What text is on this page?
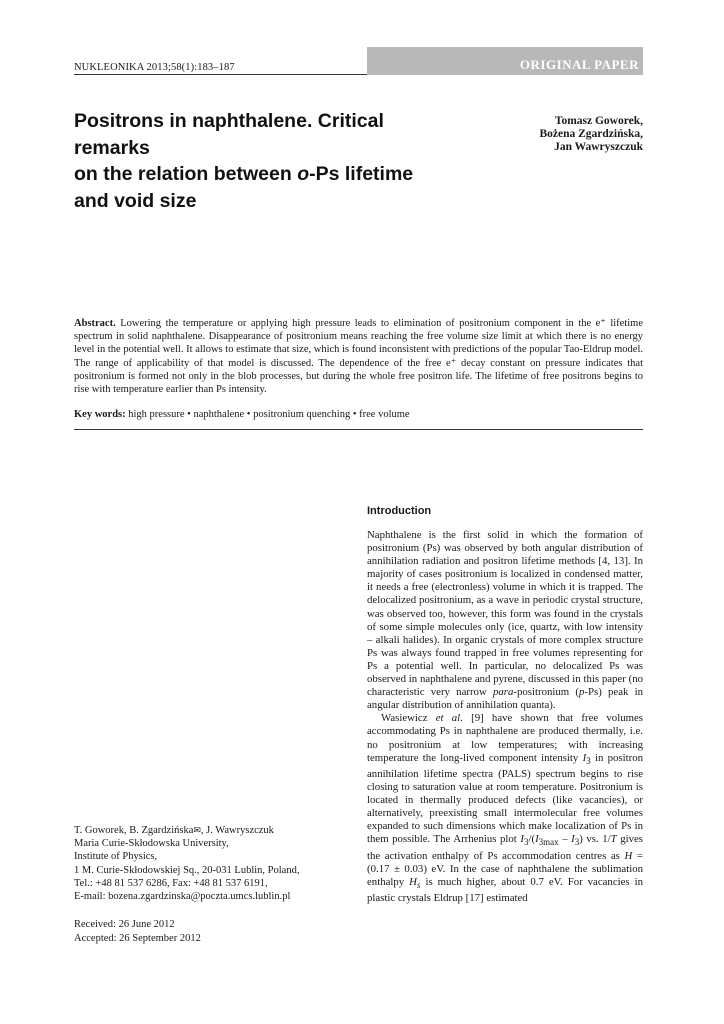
NUKLEONIKA 2013;58(1):183–187	ORIGINAL PAPER
Positrons in naphthalene. Critical remarks
on the relation between o-Ps lifetime
and void size
Tomasz Goworek,
Bożena Zgardzińska,
Jan Wawryszczuk

Abstract. Lowering the temperature or applying high pressure leads to elimination of positronium component in the e⁺ lifetime spectrum in solid naphthalene. Disappearance of positronium means reaching the free volume size limit at which there is no energy level in the potential well. It allows to estimate that size, which is found inconsistent with predictions of the popular Tao-Eldrup model. The range of applicability of that model is discussed. The dependence of the free e⁺ decay constant on pressure indicates that positronium is formed not only in the blob processes, but during the whole free positron life. The lifetime of free positrons begins to rise with temperature earlier than Ps intensity.

Key words: high pressure • naphthalene • positronium quenching • free volume
Introduction

Naphthalene is the first solid in which the formation of positronium (Ps) was observed by both angular distribution of annihilation radiation and positron lifetime methods [4, 13]. In majority of cases positronium is localized in condensed matter, it needs a free (electronless) volume in which it is trapped. The delocalized positronium, as a wave in periodic crystal structure, was observed too, however, this form was found in the crystals of some simple molecules only (ice, quartz, with low intensity – alkali halides). In organic crystals of more complex structure Ps was always found trapped in free volumes representing for Ps a potential well. In particular, no delocalized Ps was observed in naphthalene and pyrene, discussed in this paper (no characteristic very narrow para-positronium (p-Ps) peak in angular distribution of annihilation quanta).

Wasiewicz et al. [9] have shown that free volumes accommodating Ps in naphthalene are produced thermally, i.e. no positronium at low temperatures; with increasing temperature the long-lived component intensity $I_3$ in positron annihilation lifetime spectra (PALS) spectrum begins to rise closing to saturation value at room temperature. Positronium is located in thermally produced defects (like vacancies), or alternatively, preexisting small intermolecular free volumes expanded to such dimensions which make localization of Ps in them possible. The Arrhenius plot $I_3/(I_{3max} - I_3)$ vs. 1/T gives the activation enthalpy of Ps accommodation centres as H = (0.17 ± 0.03) eV. In the case of naphthalene the sublimation enthalpy $H_s$ is much higher, about 0.7 eV. For vacancies in plastic crystals Eldrup [17] estimated

T. Goworek, B. Zgardzińska✉, J. Wawryszczuk
Maria Curie-Skłodowska University,
Institute of Physics,
1 M. Curie-Skłodowskiej Sq., 20-031 Lublin, Poland,
Tel.: +48 81 537 6286, Fax: +48 81 537 6191,
E-mail: bozena.zgardzinska@poczta.umcs.lublin.pl
Received: 26 June 2012
Accepted: 26 September 2012
